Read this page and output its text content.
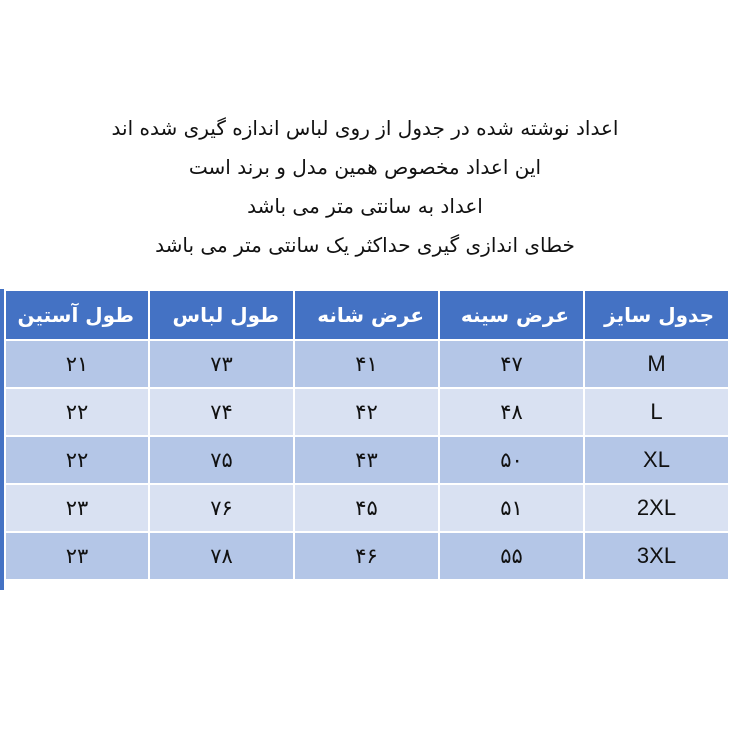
اعداد نوشته شده در جدول از روی لباس اندازه گیری شده اند
این اعداد مخصوص همین مدل و برند است
اعداد به سانتی متر می باشد
خطای اندازی گیری حداکثر یک سانتی متر می باشد
جدول سایز	عرض سینه	عرض شانه	طول لباس	طول آستین
M	۴۷	۴۱	۷۳	۲۱
L	۴۸	۴۲	۷۴	۲۲
XL	۵۰	۴۳	۷۵	۲۲
2XL	۵۱	۴۵	۷۶	۲۳
3XL	۵۵	۴۶	۷۸	۲۳
